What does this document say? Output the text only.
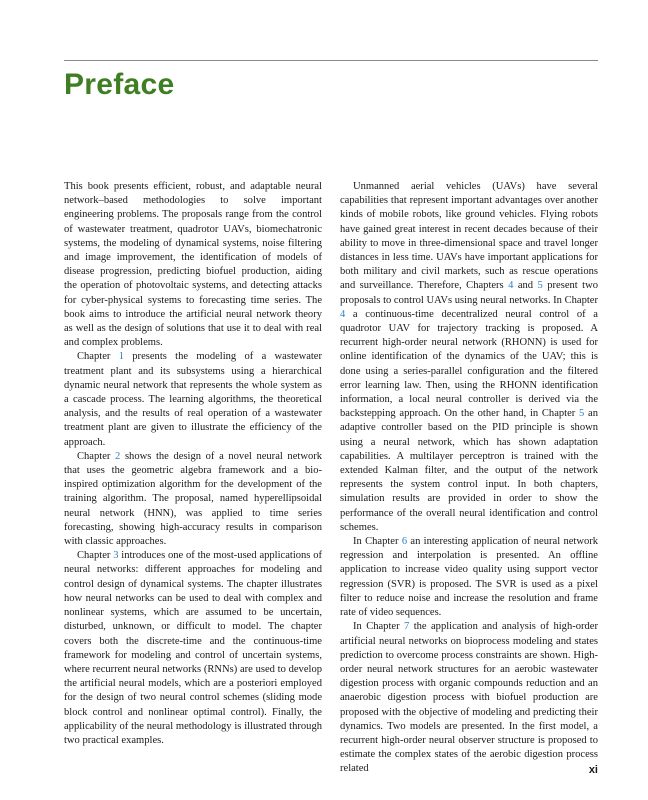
Preface

This book presents efficient, robust, and adaptable neural network–based methodologies to solve important engineering problems. The proposals range from the control of wastewater treatment, quadrotor UAVs, biomechatronic systems, the modeling of dynamical systems, noise filtering and image improvement, the identification of models of disease progression, predicting biofuel production, aiding the operation of photovoltaic systems, and detecting attacks for cyber-physical systems to forecasting time series. The book aims to introduce the artificial neural network theory as well as the design of solutions that use it to deal with real and complex problems.

Chapter 1 presents the modeling of a wastewater treatment plant and its subsystems using a hierarchical dynamic neural network that represents the whole system as a cascade process. The learning algorithms, the theoretical analysis, and the results of real operation of a wastewater treatment plant are given to illustrate the efficiency of the approach.

Chapter 2 shows the design of a novel neural network that uses the geometric algebra framework and a bio-inspired optimization algorithm for the development of the training algorithm. The proposal, named hyperellipsoidal neural network (HNN), was applied to time series forecasting, showing high-accuracy results in comparison with classic approaches.

Chapter 3 introduces one of the most-used applications of neural networks: different approaches for modeling and control design of dynamical systems. The chapter illustrates how neural networks can be used to deal with complex and nonlinear systems, which are assumed to be uncertain, disturbed, unknown, or difficult to model. The chapter covers both the discrete-time and the continuous-time framework for modeling and control of uncertain systems, where recurrent neural networks (RNNs) are used to develop the artificial neural models, which are a posteriori employed for the design of two neural control schemes (sliding mode block control and nonlinear optimal control). Finally, the applicability of the neural methodology is illustrated through two practical examples.

Unmanned aerial vehicles (UAVs) have several capabilities that represent important advantages over another kinds of mobile robots, like ground vehicles. Flying robots have gained great interest in recent decades because of their ability to move in three-dimensional space and travel longer distances in less time. UAVs have important applications for both military and civil markets, such as rescue operations and surveillance. Therefore, Chapters 4 and 5 present two proposals to control UAVs using neural networks. In Chapter 4 a continuous-time decentralized neural control of a quadrotor UAV for trajectory tracking is proposed. A recurrent high-order neural network (RHONN) is used for online identification of the dynamics of the UAV; this is done using a series-parallel configuration and the filtered error learning law. Then, using the RHONN identification information, a local neural controller is derived via the backstepping approach. On the other hand, in Chapter 5 an adaptive controller based on the PID principle is shown using a neural network, which has shown adaptation capabilities. A multilayer perceptron is trained with the extended Kalman filter, and the output of the network represents the system control input. In both chapters, simulation results are provided in order to show the performance of the overall neural identification and control schemes.

In Chapter 6 an interesting application of neural network regression and interpolation is presented. An offline application to increase video quality using support vector regression (SVR) is proposed. The SVR is used as a pixel filter to reduce noise and increase the resolution and frame rate of video sequences.

In Chapter 7 the application and analysis of high-order artificial neural networks on bioprocess modeling and states prediction to overcome process constraints are shown. High-order neural network structures for an aerobic wastewater digestion process with organic compounds reduction and an anaerobic digestion process with biofuel production are proposed with the objective of modeling and predicting their dynamics. Two models are presented. In the first model, a recurrent high-order neural observer structure is proposed to estimate the complex states of the aerobic digestion process related	xi
